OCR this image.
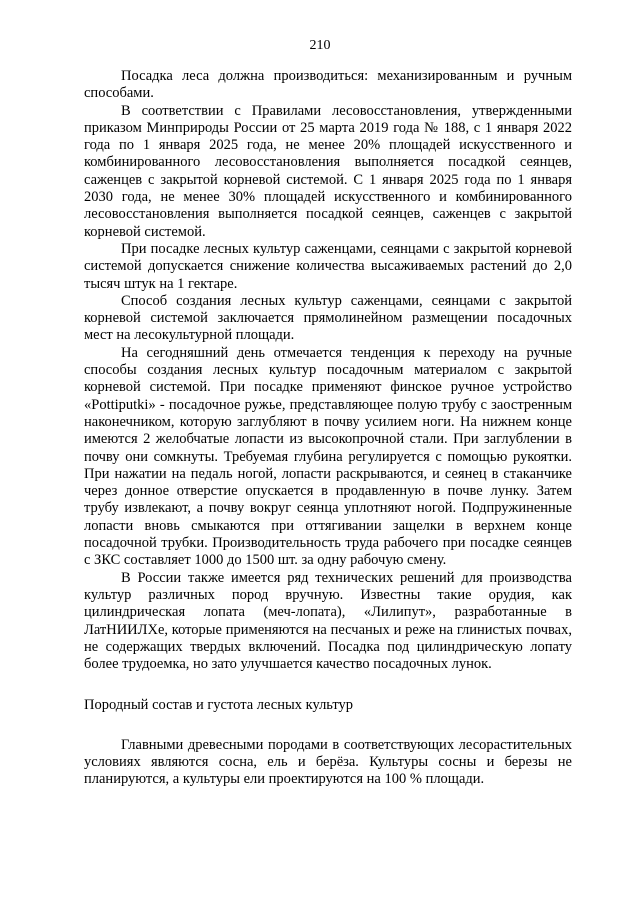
210

Посадка леса должна производиться: механизированным и ручным способами.

В соответствии с Правилами лесовосстановления, утвержденными приказом Минприроды России от 25 марта 2019 года № 188, с 1 января 2022 года по 1 января 2025 года, не менее 20% площадей искусственного и комбинированного лесовосстановления выполняется посадкой сеянцев, саженцев с закрытой корневой системой. С 1 января 2025 года по 1 января 2030 года, не менее 30% площадей искусственного и комбинированного лесовосстановления выполняется посадкой сеянцев, саженцев с закрытой корневой системой.

При посадке лесных культур саженцами, сеянцами с закрытой корневой системой допускается снижение количества высаживаемых растений до 2,0 тысяч штук на 1 гектаре.

Способ создания лесных культур саженцами, сеянцами с закрытой корневой системой заключается прямолинейном размещении посадочных мест на лесокультурной площади.

На сегодняшний день отмечается тенденция к переходу на ручные способы создания лесных культур посадочным материалом с закрытой корневой системой. При посадке применяют финское ручное устройство «Pottiputki» - посадочное ружье, представляющее полую трубу с заостренным наконечником, которую заглубляют в почву усилием ноги. На нижнем конце имеются 2 желобчатые лопасти из высокопрочной стали. При заглублении в почву они сомкнуты. Требуемая глубина регулируется с помощью рукоятки. При нажатии на педаль ногой, лопасти раскрываются, и сеянец в стаканчике через донное отверстие опускается в продавленную в почве лунку. Затем трубу извлекают, а почву вокруг сеянца уплотняют ногой. Подпружиненные лопасти вновь смыкаются при оттягивании защелки в верхнем конце посадочной трубки. Производительность труда рабочего при посадке сеянцев с ЗКС составляет 1000 до 1500 шт. за одну рабочую смену.

В России также имеется ряд технических решений для производства культур различных пород вручную. Известны такие орудия, как цилиндрическая лопата (меч-лопата), «Лилипут», разработанные в ЛатНИИЛХе, которые применяются на песчаных и реже на глинистых почвах, не содержащих твердых включений. Посадка под цилиндрическую лопату более трудоемка, но зато улучшается качество посадочных лунок.

Породный состав и густота лесных культур

Главными древесными породами в соответствующих лесорастительных условиях являются сосна, ель и берёза. Культуры сосны и березы не планируются, а культуры ели проектируются на 100 % площади.
